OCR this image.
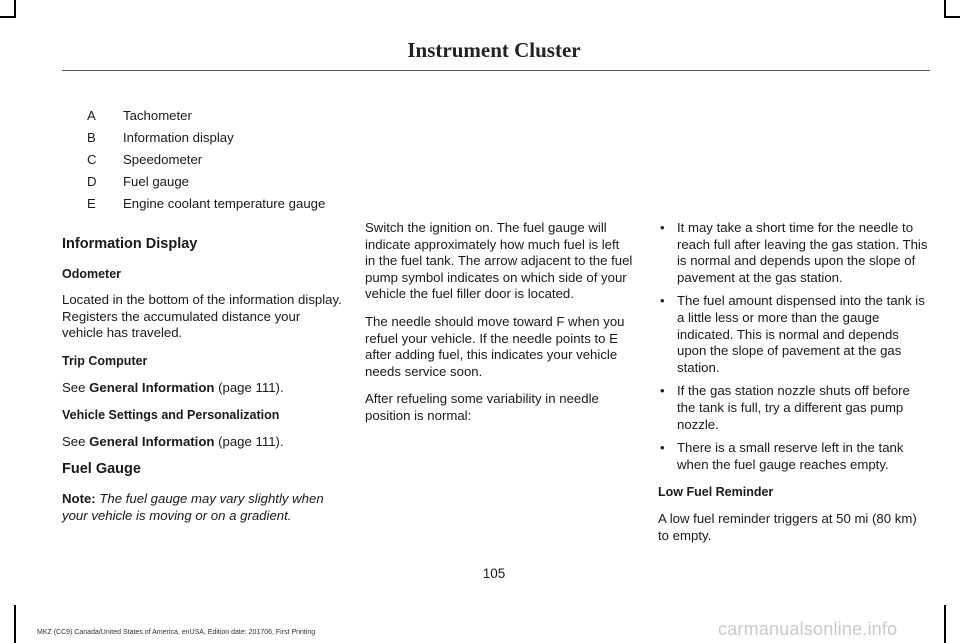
Instrument Cluster
A	Tachometer
B	Information display
C	Speedometer
D	Fuel gauge
E	Engine coolant temperature gauge
Information Display
Odometer

Located in the bottom of the information display. Registers the accumulated distance your vehicle has traveled.

Trip Computer

See General Information (page 111).

Vehicle Settings and Personalization

See General Information (page 111).

Fuel Gauge

Note: The fuel gauge may vary slightly when your vehicle is moving or on a gradient.

Switch the ignition on. The fuel gauge will indicate approximately how much fuel is left in the fuel tank. The arrow adjacent to the fuel pump symbol indicates on which side of your vehicle the fuel filler door is located.

The needle should move toward F when you refuel your vehicle. If the needle points to E after adding fuel, this indicates your vehicle needs service soon.

After refueling some variability in needle position is normal:

• It may take a short time for the needle to reach full after leaving the gas station. This is normal and depends upon the slope of pavement at the gas station.
• The fuel amount dispensed into the tank is a little less or more than the gauge indicated. This is normal and depends upon the slope of pavement at the gas station.
• If the gas station nozzle shuts off before the tank is full, try a different gas pump nozzle.
• There is a small reserve left in the tank when the fuel gauge reaches empty.
Low Fuel Reminder

A low fuel reminder triggers at 50 mi (80 km) to empty.

105
MKZ (CC9) Canada/United States of America, enUSA, Edition date: 201706, First Printing	carmanualsonline.info
